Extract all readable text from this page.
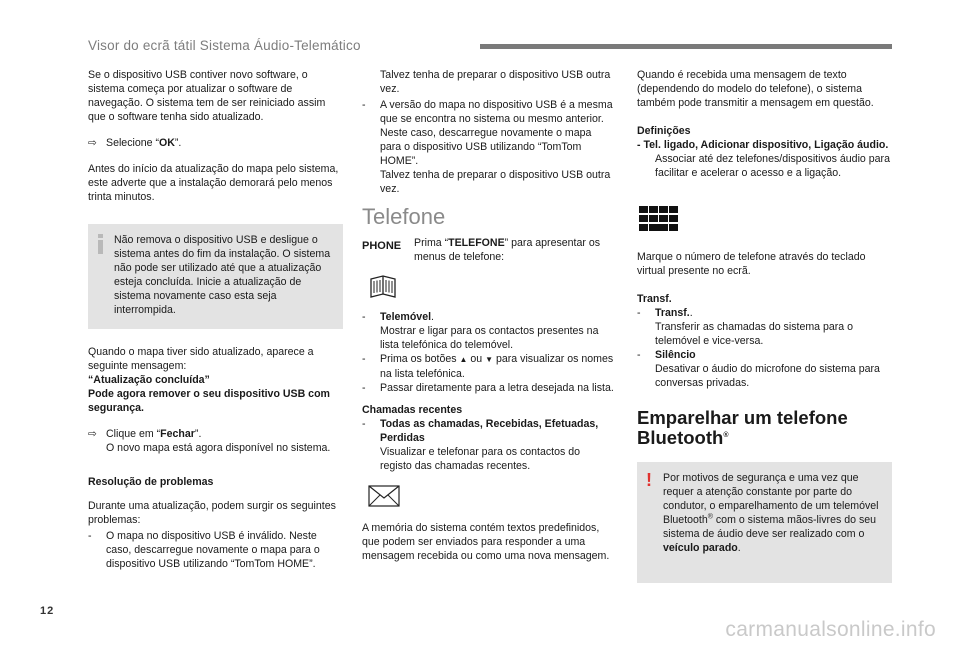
Visor do ecrã tátil Sistema Áudio-Telemático

Se o dispositivo USB contiver novo software, o sistema começa por atualizar o software de navegação. O sistema tem de ser reiniciado assim que o software tenha sido atualizado.

⇨ Selecione “OK”.

Antes do início da atualização do mapa pelo sistema, este adverte que a instalação demorará pelo menos trinta minutos.

Não remova o dispositivo USB e desligue o sistema antes do fim da instalação. O sistema não pode ser utilizado até que a atualização esteja concluída. Inicie a atualização de sistema novamente caso esta seja interrompida.

Quando o mapa tiver sido atualizado, aparece a seguinte mensagem:
“Atualização concluída”
Pode agora remover o seu dispositivo USB com segurança.

⇨ Clique em “Fechar”.
O novo mapa está agora disponível no sistema.

Resolução de problemas

Durante uma atualização, podem surgir os seguintes problemas:

-	O mapa no dispositivo USB é inválido. Neste caso, descarregue novamente o mapa para o dispositivo USB utilizando “TomTom HOME”.

Talvez tenha de preparar o dispositivo USB outra vez.

-	A versão do mapa no dispositivo USB é a mesma que se encontra no sistema ou mesmo anterior. Neste caso, descarregue novamente o mapa para o dispositivo USB utilizando “TomTom HOME”.

Talvez tenha de preparar o dispositivo USB outra vez.

Telefone
PHONE	Prima “TELEFONE” para apresentar os menus de telefone:
-	Telemóvel.
Mostrar e ligar para os contactos presentes na lista telefónica do telemóvel.
-	Prima os botões ▲ ou ▼ para visualizar os nomes na lista telefónica.
-	Passar diretamente para a letra desejada na lista.

Chamadas recentes

-	Todas as chamadas, Recebidas, Efetuadas, Perdidas
Visualizar e telefonar para os contactos do registo das chamadas recentes.

A memória do sistema contém textos predefinidos, que podem ser enviados para responder a uma mensagem recebida ou como uma nova mensagem.

Quando é recebida uma mensagem de texto (dependendo do modelo do telefone), o sistema também pode transmitir a mensagem em questão.

Definições

- Tel. ligado, Adicionar dispositivo, Ligação áudio.

Associar até dez telefones/dispositivos áudio para facilitar e acelerar o acesso e a ligação.

Marque o número de telefone através do teclado virtual presente no ecrã.

Transf.

-	Transf..
Transferir as chamadas do sistema para o telemóvel e vice-versa.
-	Silêncio
Desativar o áudio do microfone do sistema para conversas privadas.
Emparelhar um telefone
Bluetooth®
! Por motivos de segurança e uma vez que requer a atenção constante por parte do condutor, o emparelhamento de um telemóvel Bluetooth® com o sistema mãos-livres do seu sistema de áudio deve ser realizado com o veículo parado.
12
carmanualsonline.info
